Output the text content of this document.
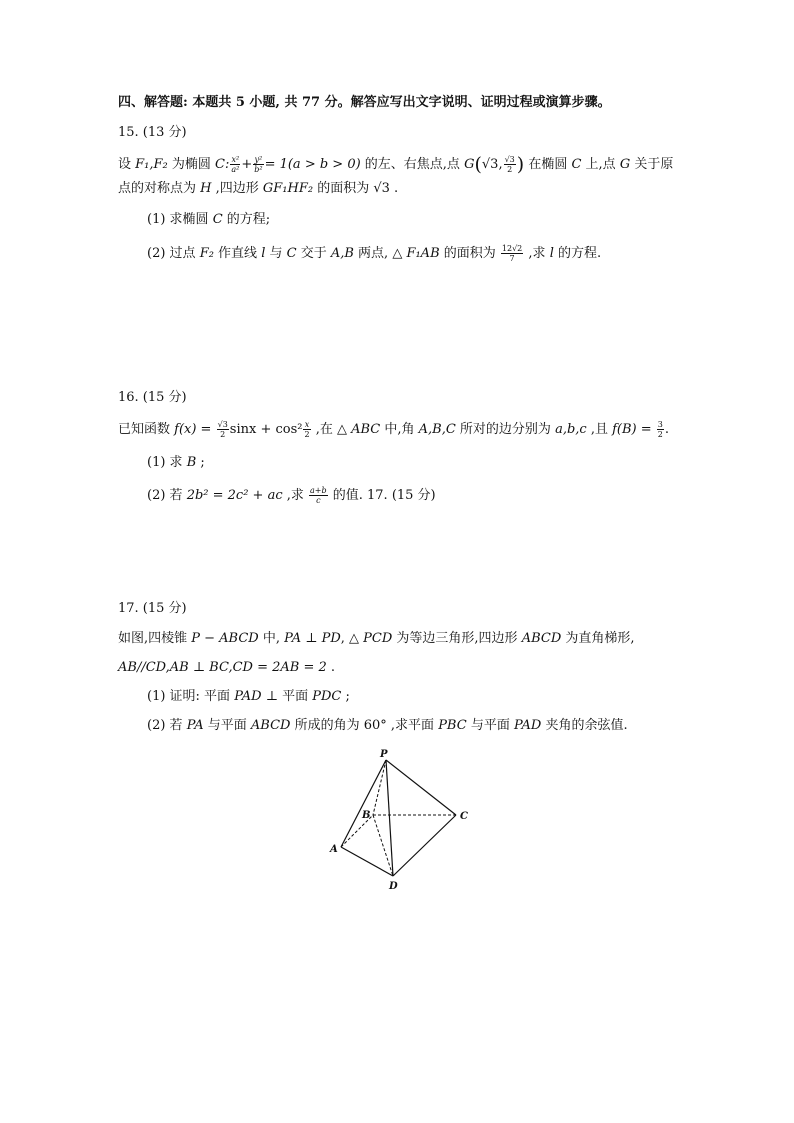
四、解答题: 本题共 5 小题, 共 77 分。解答应写出文字说明、证明过程或演算步骤。
15. (13 分)
设 F₁,F₂ 为椭圆 C: $\frac{\text{x²}}{\text{a²}} + \frac{\text{y²}}{\text{b²}} = 1(a > b > 0)$ 的左、右焦点,点 G(√3, $\frac{√3}{2}$ ) 在椭圆 C 上,点 G 关于原
点的对称点为 H ,四边形 GF₁HF₂ 的面积为 √3 .
(1) 求椭圆 C 的方程;
(2) 过点 F₂ 作直线 l 与 C 交于 A,B 两点, △ F₁AB 的面积为 $\frac{12√2}{7}$ ,求 l 的方程.
16. (15 分)
已知函数 $f(x) = \frac{√3}{2}$ $\sin x + \cos^2 \frac{x}{2}$ ,在 △ ABC 中,角 A,B,C 所对的边分别为 a,b,c ,且 $f(B) = \frac{3}{2}$ .
(1) 求 B ;
(2) 若 2b² = 2c² + ac ,求 $\frac{a+b}{c}$ 的值. 17. (15 分)
17. (15 分)
如图,四棱锥 P − ABCD 中, PA ⊥ PD, △ PCD 为等边三角形,四边形 ABCD 为直角梯形,
AB//CD,AB ⊥ BC,CD = 2AB = 2 .
(1) 证明: 平面 PAD ⊥ 平面 PDC ;
(2) 若 PA 与平面 ABCD 所成的角为 60° ,求平面 PBC 与平面 PAD 夹角的余弦值.
P
A
B	C
D
